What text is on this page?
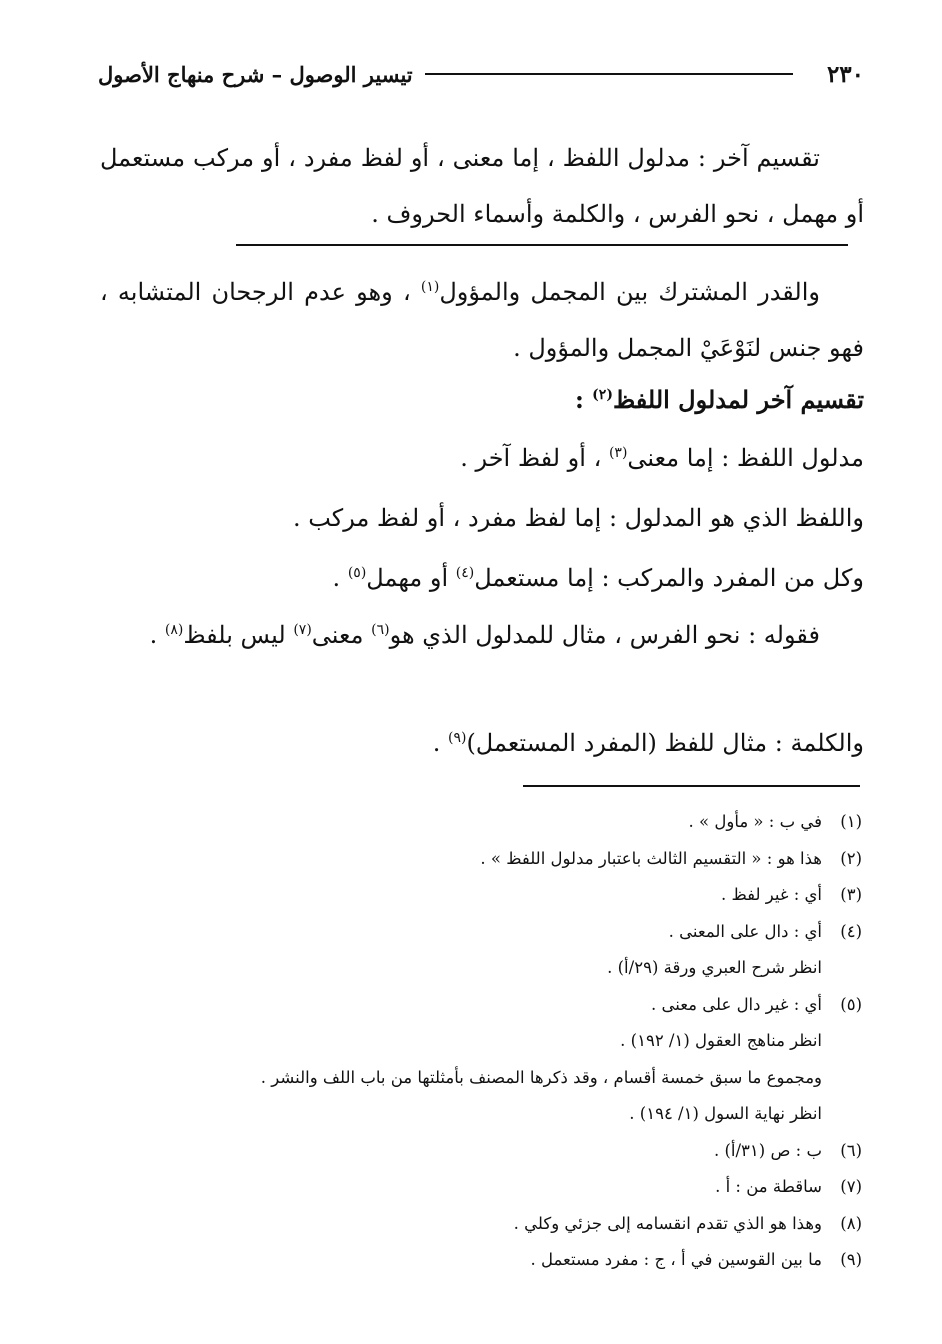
٢٣٠
تيسير الوصول – شرح منهاج الأصول
تقسيم آخر : مدلول اللفظ ، إما معنى ، أو لفظ مفرد ، أو مركب مستعمل أو مهمل ، نحو الفرس ، والكلمة وأسماء الحروف .
والقدر المشترك بين المجمل والمؤول$^{(١)}$ ، وهو عدم الرجحان المتشابه ، فهو جنس لنَوْعَيْ المجمل والمؤول .
تقسيم آخر لمدلول اللفظ$^{(٢)}$ :
مدلول اللفظ : إما معنى$^{(٣)}$ ، أو لفظ آخر .
واللفظ الذي هو المدلول : إما لفظ مفرد ، أو لفظ مركب .
وكل من المفرد والمركب : إما مستعمل$^{(٤)}$ أو مهمل$^{(٥)}$ .
فقوله : نحو الفرس ، مثال للمدلول الذي هو$^{(٦)}$ معنى$^{(٧)}$ ليس بلفظ$^{(٨)}$ .
والكلمة : مثال للفظ (المفرد المستعمل)$^{(٩)}$ .
(١)في ب : « مأول » .
(٢)هذا هو : « التقسيم الثالث باعتبار مدلول اللفظ » .
(٣)أي : غير لفظ .
(٤)أي : دال على المعنى .
انظر شرح العبري ورقة (٢٩/أ) .
(٥)أي : غير دال على معنى .
انظر مناهج العقول (١/ ١٩٢) .
ومجموع ما سبق خمسة أقسام ، وقد ذكرها المصنف بأمثلتها من باب اللف والنشر .
انظر نهاية السول (١/ ١٩٤) .
(٦)ب : ص (٣١/أ) .
(٧)ساقطة من : أ .
(٨)وهذا هو الذي تقدم انقسامه إلى جزئي وكلي .
(٩)ما بين القوسين في أ ، ج : مفرد مستعمل .
